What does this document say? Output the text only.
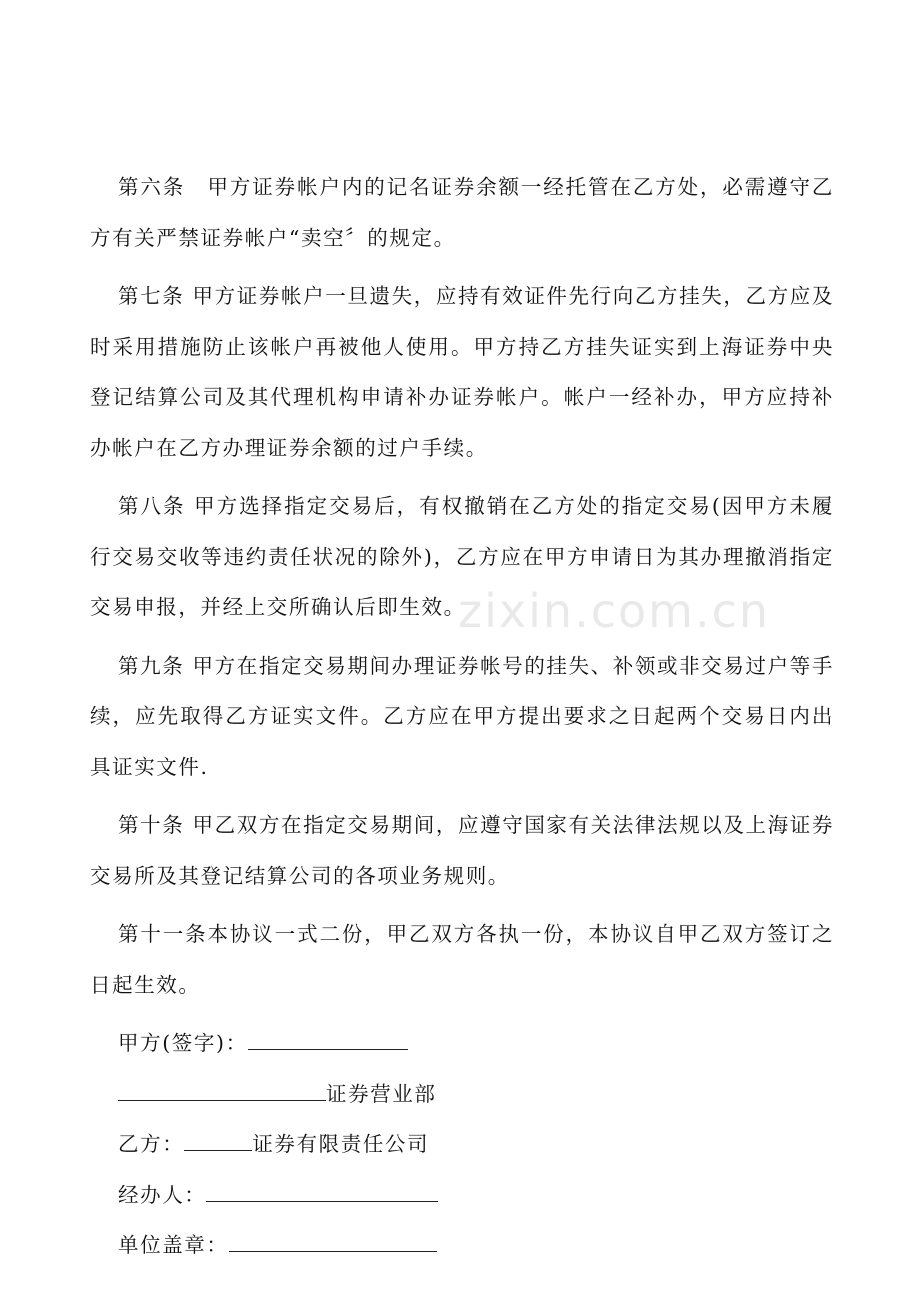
第六条　甲方证券帐户内的记名证券余额一经托管在乙方处，必需遵守乙方有关严禁证券帐户“卖空〞的规定。

第七条 甲方证券帐户一旦遗失，应持有效证件先行向乙方挂失，乙方应及时采用措施防止该帐户再被他人使用。甲方持乙方挂失证实到上海证券中央登记结算公司及其代理机构申请补办证券帐户。帐户一经补办，甲方应持补办帐户在乙方办理证券余额的过户手续。

第八条 甲方选择指定交易后，有权撤销在乙方处的指定交易(因甲方未履行交易交收等违约责任状况的除外)，乙方应在甲方申请日为其办理撤消指定交易申报，并经上交所确认后即生效。

第九条 甲方在指定交易期间办理证券帐号的挂失、补领或非交易过户等手续，应先取得乙方证实文件。乙方应在甲方提出要求之日起两个交易日内出具证实文件.

第十条 甲乙双方在指定交易期间，应遵守国家有关法律法规以及上海证券交易所及其登记结算公司的各项业务规则。

第十一条本协议一式二份，甲乙双方各执一份，本协议自甲乙双方签订之日起生效。

甲方(签字)：
证券营业部
乙方：	证券有限责任公司
经办人：
单位盖章：
zixin.com.cn
